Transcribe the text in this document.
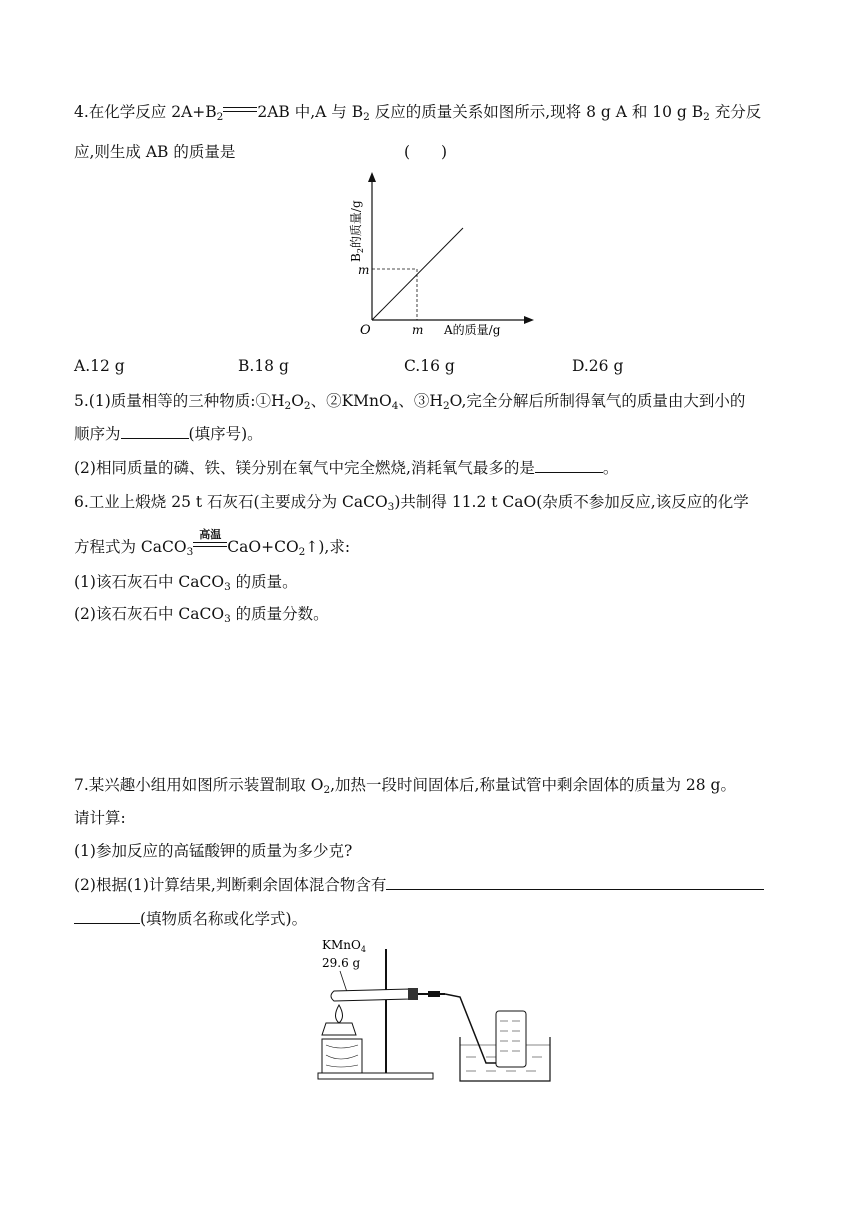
4.在化学反应 $2A+B_2$ 2AB 中,A 与 $B_2$ 反应的质量关系如图所示,现将 8 g A 和 10 g $B_2$ 充分反
应,则生成 AB 的质量是	(　　)
m
m
O	A的质量/g
$B_2$的质量/g
A.12 g	B.18 g	C.16 g	D.26 g
5.(1)质量相等的三种物质$:①H_2O_2$、②KMnO$_4$、$③H_2O$,完全分解后所制得氧气的质量由大到小的
顺序为	(填序号)。
(2)相同质量的磷、铁、镁分别在氧气中完全燃烧,消耗氧气最多的是	。
6.工业上煅烧 25 t 石灰石(主要成分为 CaCO$_3$)共制得 11.2 t CaO(杂质不参加反应,该反应的化学
方程式为 CaCO$_3$
高温
$CaO+CO_2↑$),求:
(1)该石灰石中 CaCO$_3$ 的质量。
(2)该石灰石中 CaCO$_3$ 的质量分数。
7.某兴趣小组用如图所示装置制取 $O_2$,加热一段时间固体后,称量试管中剩余固体的质量为 28 g。
请计算:
(1)参加反应的高锰酸钾的质量为多少克?
(2)根据(1)计算结果,判断剩余固体混合物含有
(填物质名称或化学式)。
KMnO$_4$
29.6 g
